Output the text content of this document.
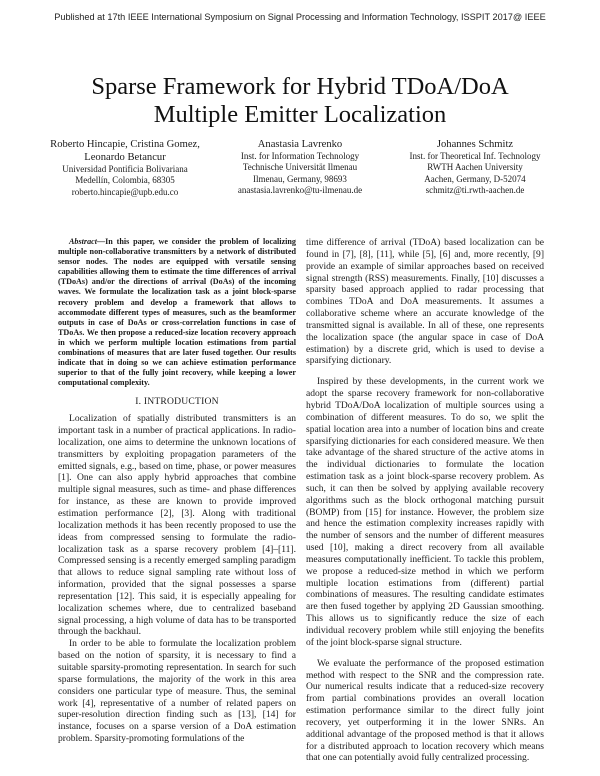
Published at 17th IEEE International Symposium on Signal Processing and Information Technology, ISSPIT 2017@ IEEE
Sparse Framework for Hybrid TDoA/DoA
Multiple Emitter Localization
Roberto Hincapie, Cristina Gomez,
Leonardo Betancur
Universidad Pontificia Bolivariana
Medellín, Colombia, 68305
roberto.hincapie@upb.edu.co
Anastasia Lavrenko
Inst. for Information Technology
Technische Universität Ilmenau
Ilmenau, Germany, 98693
anastasia.lavrenko@tu-ilmenau.de
Johannes Schmitz
Inst. for Theoretical Inf. Technology
RWTH Aachen University
Aachen, Germany, D-52074
schmitz@ti.rwth-aachen.de

Abstract—In this paper, we consider the problem of localizing multiple non-collaborative transmitters by a network of distributed sensor nodes. The nodes are equipped with versatile sensing capabilities allowing them to estimate the time differences of arrival (TDoAs) and/or the directions of arrival (DoAs) of the incoming waves. We formulate the localization task as a joint block-sparse recovery problem and develop a framework that allows to accommodate different types of measures, such as the beamformer outputs in case of DoAs or cross-correlation functions in case of TDoAs. We then propose a reduced-size location recovery approach in which we perform multiple location estimations from partial combinations of measures that are later fused together. Our results indicate that in doing so we can achieve estimation performance superior to that of the fully joint recovery, while keeping a lower computational complexity.

I. INTRODUCTION

Localization of spatially distributed transmitters is an important task in a number of practical applications. In radio-localization, one aims to determine the unknown locations of transmitters by exploiting propagation parameters of the emitted signals, e.g., based on time, phase, or power measures [1]. One can also apply hybrid approaches that combine multiple signal measures, such as time- and phase differences for instance, as these are known to provide improved estimation performance [2], [3]. Along with traditional localization methods it has been recently proposed to use the ideas from compressed sensing to formulate the radio-localization task as a sparse recovery problem [4]–[11]. Compressed sensing is a recently emerged sampling paradigm that allows to reduce signal sampling rate without loss of information, provided that the signal possesses a sparse representation [12]. This said, it is especially appealing for localization schemes where, due to centralized baseband signal processing, a high volume of data has to be transported through the backhaul.

In order to be able to formulate the localization problem based on the notion of sparsity, it is necessary to find a suitable sparsity-promoting representation. In search for such sparse formulations, the majority of the work in this area considers one particular type of measure. Thus, the seminal work [4], representative of a number of related papers on super-resolution direction finding such as [13], [14] for instance, focuses on a sparse version of a DoA estimation problem. Sparsity-promoting formulations of the

time difference of arrival (TDoA) based localization can be found in [7], [8], [11], while [5], [6] and, more recently, [9] provide an example of similar approaches based on received signal strength (RSS) measurements. Finally, [10] discusses a sparsity based approach applied to radar processing that combines TDoA and DoA measurements. It assumes a collaborative scheme where an accurate knowledge of the transmitted signal is available. In all of these, one represents the localization space (the angular space in case of DoA estimation) by a discrete grid, which is used to devise a sparsifying dictionary.

Inspired by these developments, in the current work we adopt the sparse recovery framework for non-collaborative hybrid TDoA/DoA localization of multiple sources using a combination of different measures. To do so, we split the spatial location area into a number of location bins and create sparsifying dictionaries for each considered measure. We then take advantage of the shared structure of the active atoms in the individual dictionaries to formulate the location estimation task as a joint block-sparse recovery problem. As such, it can then be solved by applying available recovery algorithms such as the block orthogonal matching pursuit (BOMP) from [15] for instance. However, the problem size and hence the estimation complexity increases rapidly with the number of sensors and the number of different measures used [10], making a direct recovery from all available measures computationally inefficient. To tackle this problem, we propose a reduced-size method in which we perform multiple location estimations from (different) partial combinations of measures. The resulting candidate estimates are then fused together by applying 2D Gaussian smoothing. This allows us to significantly reduce the size of each individual recovery problem while still enjoying the benefits of the joint block-sparse signal structure.

We evaluate the performance of the proposed estimation method with respect to the SNR and the compression rate. Our numerical results indicate that a reduced-size recovery from partial combinations provides an overall location estimation performance similar to the direct fully joint recovery, yet outperforming it in the lower SNRs. An additional advantage of the proposed method is that it allows for a distributed approach to location recovery which means that one can potentially avoid fully centralized processing.
